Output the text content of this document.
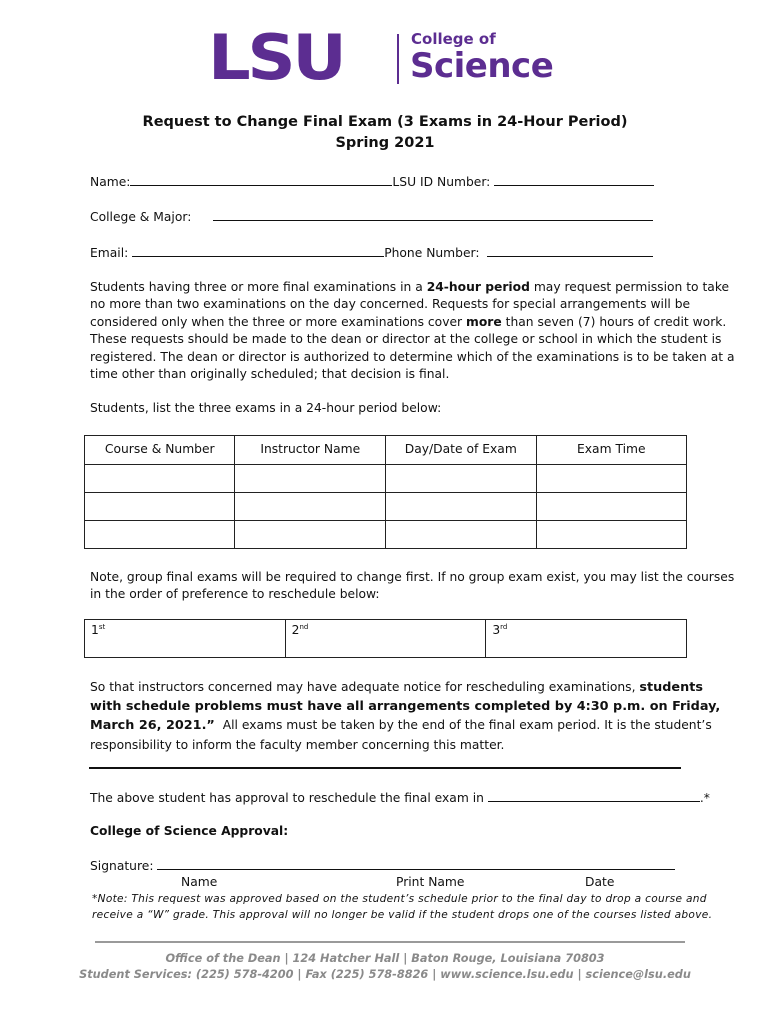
LSU	College of
Science
Request to Change Final Exam (3 Exams in 24-Hour Period)
Spring 2021
Name:	LSU ID Number:
College & Major:
Email:	Phone Number:
Students having three or more final examinations in a 24-hour period may request permission to take
no more than two examinations on the day concerned. Requests for special arrangements will be
considered only when the three or more examinations cover more than seven (7) hours of credit work.
These requests should be made to the dean or director at the college or school in which the student is
registered. The dean or director is authorized to determine which of the examinations is to be taken at a
time other than originally scheduled; that decision is final.
Students, list the three exams in a 24-hour period below:
Course & Number	Instructor Name	Day/Date of Exam	Exam Time

Note, group final exams will be required to change first. If no group exam exist, you may list the courses
in the order of preference to reschedule below:
1st	2nd	3rd
So that instructors concerned may have adequate notice for rescheduling examinations, students
with schedule problems must have all arrangements completed by 4:30 p.m. on Friday,
March 26, 2021.” All exams must be taken by the end of the final exam period. It is the student’s
responsibility to inform the faculty member concerning this matter.
The above student has approval to reschedule the final exam in	.*
College of Science Approval:
Signature:
Name	Print Name	Date
*Note: This request was approved based on the student’s schedule prior to the final day to drop a course and
receive a “W” grade. This approval will no longer be valid if the student drops one of the courses listed above.
Office of the Dean | 124 Hatcher Hall | Baton Rouge, Louisiana 70803
Student Services: (225) 578-4200 | Fax (225) 578-8826 | www.science.lsu.edu | science@lsu.edu
